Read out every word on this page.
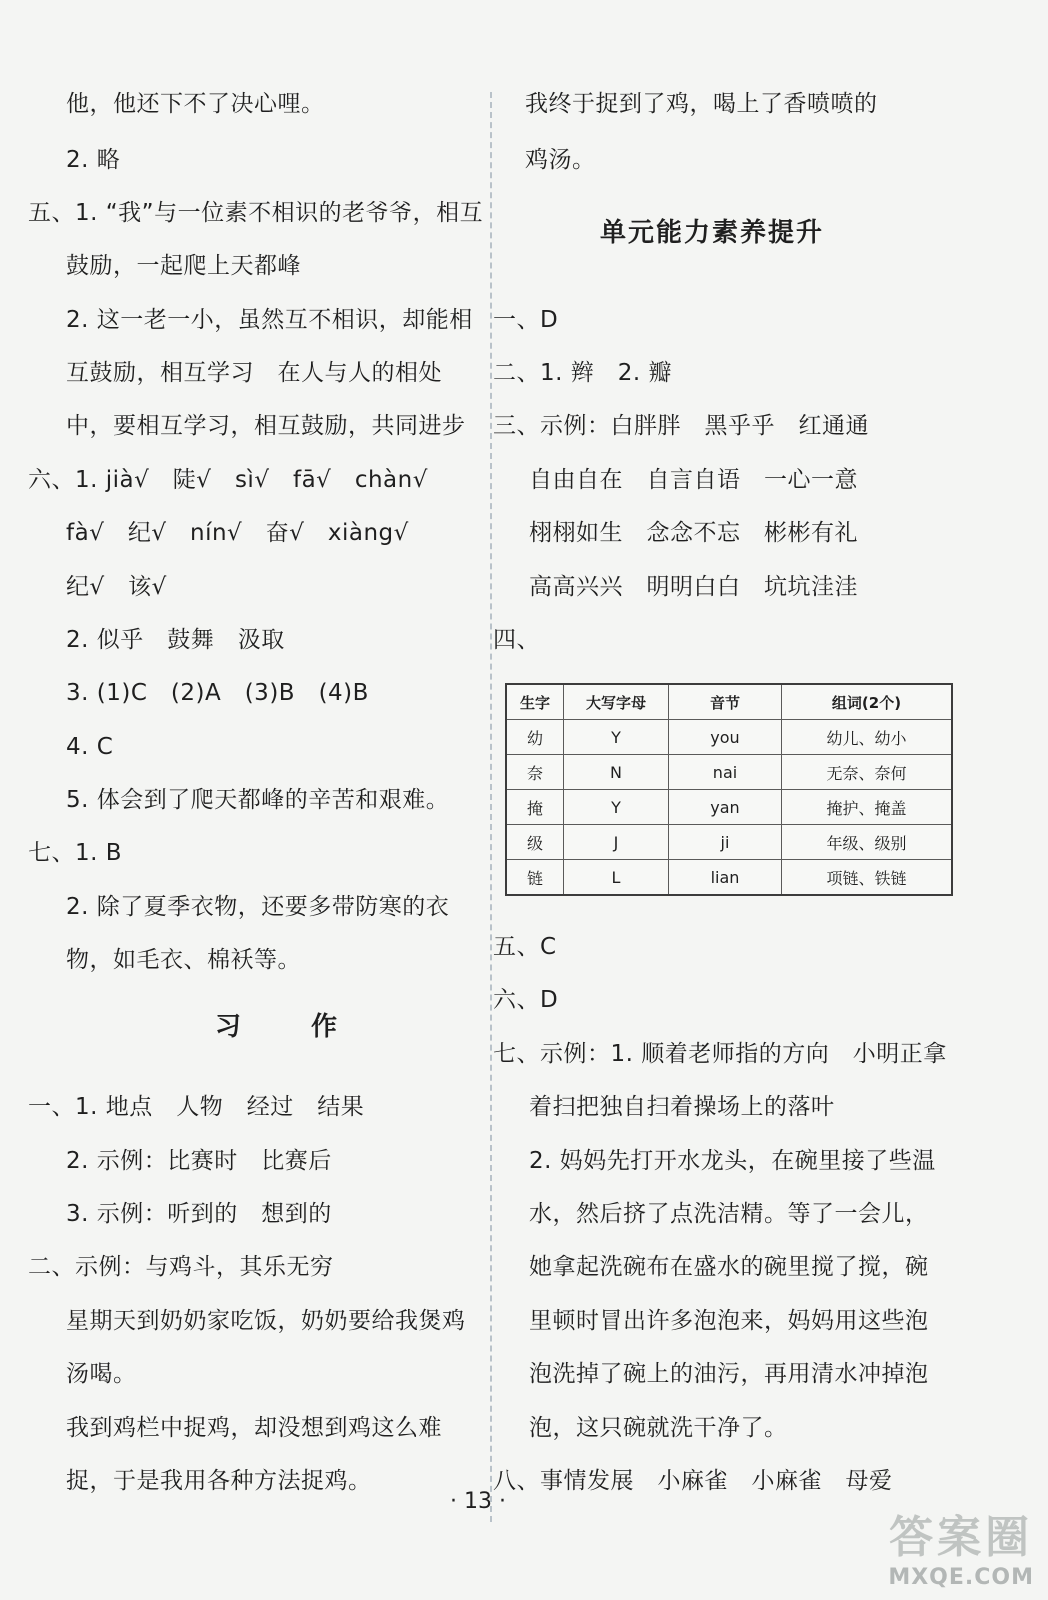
习　作
他，他还下不了决心哩。
2. 略
五、1. “我”与一位素不相识的老爷爷，相互
鼓励，一起爬上天都峰
2. 这一老一小，虽然互不相识，却能相
互鼓励，相互学习　在人与人的相处
中，要相互学习，相互鼓励，共同进步
六、1. jià√　陡√　sì√　fā√　chàn√
fà√　纪√　nín√　奋√　xiàng√
纪√　该√
2. 似乎　鼓舞　汲取
3. (1)C　(2)A　(3)B　(4)B
4. C
5. 体会到了爬天都峰的辛苦和艰难。
七、1. B
2. 除了夏季衣物，还要多带防寒的衣
物，如毛衣、棉袄等。
一、1. 地点　人物　经过　结果
2. 示例：比赛时　比赛后
3. 示例：听到的　想到的
二、示例：与鸡斗，其乐无穷
星期天到奶奶家吃饭，奶奶要给我煲鸡
汤喝。
我到鸡栏中捉鸡，却没想到鸡这么难
捉，于是我用各种方法捉鸡。
单元能力素养提升
我终于捉到了鸡，喝上了香喷喷的
鸡汤。
一、D
二、1. 辫　2. 瓣
三、示例：白胖胖　黑乎乎　红通通
自由自在　自言自语　一心一意
栩栩如生　念念不忘　彬彬有礼
高高兴兴　明明白白　坑坑洼洼
四、
五、C
六、D
七、示例：1. 顺着老师指的方向　小明正拿
着扫把独自扫着操场上的落叶
2. 妈妈先打开水龙头，在碗里接了些温
水，然后挤了点洗洁精。等了一会儿，
她拿起洗碗布在盛水的碗里搅了搅，碗
里顿时冒出许多泡泡来，妈妈用这些泡
泡洗掉了碗上的油污，再用清水冲掉泡
泡，这只碗就洗干净了。
八、事情发展　小麻雀　小麻雀　母爱
生字	大写字母	音节	组词(2个)
幼	Y	you	幼儿、幼小
奈	N	nai	无奈、奈何
掩	Y	yan	掩护、掩盖
级	J	ji	年级、级别
链	L	lian	项链、铁链
· 13 ·
答案圈
MXQE.COM
